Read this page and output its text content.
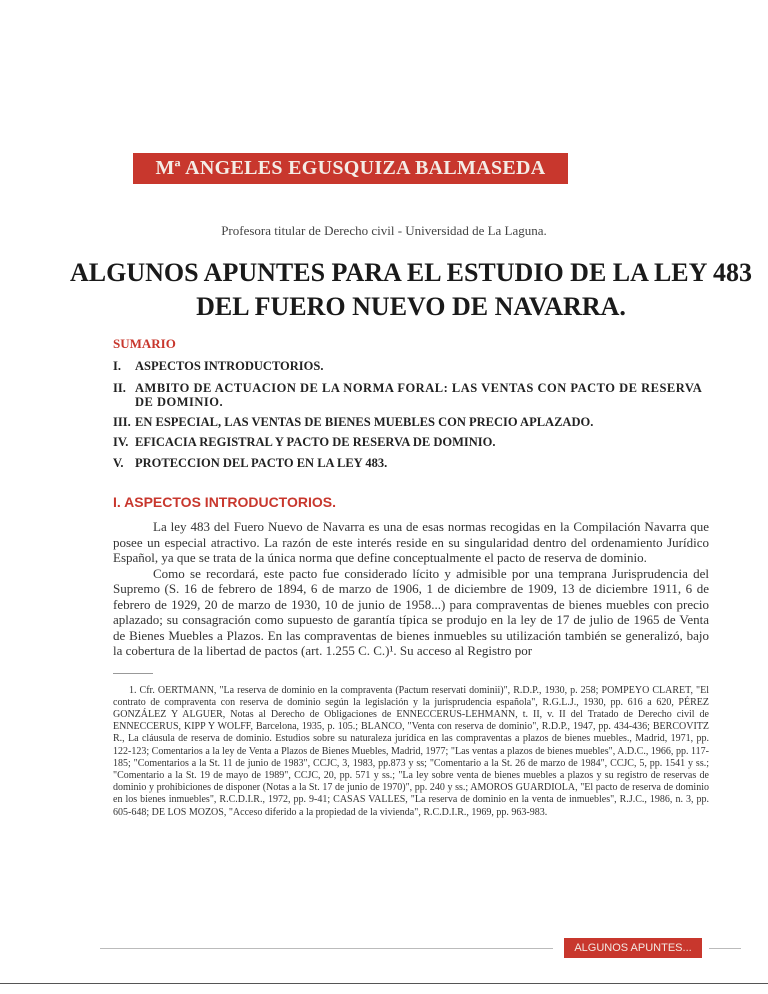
Mª ANGELES EGUSQUIZA BALMASEDA
Profesora titular de Derecho civil - Universidad de La Laguna.
ALGUNOS APUNTES PARA EL ESTUDIO DE LA LEY 483 DEL FUERO NUEVO DE NAVARRA.
SUMARIO
I.	ASPECTOS INTRODUCTORIOS.
II. AMBITO DE ACTUACION DE LA NORMA FORAL: LAS VENTAS CON PACTO DE RESERVA DE DOMINIO.
III. EN ESPECIAL, LAS VENTAS DE BIENES MUEBLES CON PRECIO APLAZADO.
IV. EFICACIA REGISTRAL Y PACTO DE RESERVA DE DOMINIO.
V. PROTECCION DEL PACTO EN LA LEY 483.
I. ASPECTOS INTRODUCTORIOS.

La ley 483 del Fuero Nuevo de Navarra es una de esas normas recogidas en la Compilación Navarra que posee un especial atractivo. La razón de este interés reside en su singularidad dentro del ordenamiento Jurídico Español, ya que se trata de la única norma que define conceptualmente el pacto de reserva de dominio.

Como se recordará, este pacto fue considerado lícito y admisible por una temprana Jurisprudencia del Supremo (S. 16 de febrero de 1894, 6 de marzo de 1906, 1 de diciembre de 1909, 13 de diciembre 1911, 6 de febrero de 1929, 20 de marzo de 1930, 10 de junio de 1958...) para compraventas de bienes muebles con precio aplazado; su consagración como supuesto de garantía típica se produjo en la ley de 17 de julio de 1965 de Venta de Bienes Muebles a Plazos. En las compraventas de bienes inmuebles su utilización también se generalizó, bajo la cobertura de la libertad de pactos (art. 1.255 C. C.)¹. Su acceso al Registro por

1. Cfr. OERTMANN, "La reserva de dominio en la compraventa (Pactum reservati dominii)", R.D.P., 1930, p. 258; POMPEYO CLARET, "El contrato de compraventa con reserva de dominio según la legislación y la jurisprudencia española", R.G.L.J., 1930, pp. 616 a 620, PÉREZ GONZÁLEZ Y ALGUER, Notas al Derecho de Obligaciones de ENNECCERUS-LEHMANN, t. II, v. II del Tratado de Derecho civil de ENNECCERUS, KIPP Y WOLFF, Barcelona, 1935, p. 105.; BLANCO, "Venta con reserva de dominio", R.D.P., 1947, pp. 434-436; BERCOVITZ R., La cláusula de reserva de dominio. Estudios sobre su naturaleza jurídica en las compraventas a plazos de bienes muebles., Madrid, 1971, pp. 122-123; Comentarios a la ley de Venta a Plazos de Bienes Muebles, Madrid, 1977; "Las ventas a plazos de bienes muebles", A.D.C., 1966, pp. 117-185; "Comentarios a la St. 11 de junio de 1983", CCJC, 3, 1983, pp.873 y ss; "Comentario a la St. 26 de marzo de 1984", CCJC, 5, pp. 1541 y ss.; "Comentario a la St. 19 de mayo de 1989", CCJC, 20, pp. 571 y ss.; "La ley sobre venta de bienes muebles a plazos y su registro de reservas de dominio y prohibiciones de disponer (Notas a la St. 17 de junio de 1970)", pp. 240 y ss.; AMOROS GUARDIOLA, "El pacto de reserva de dominio en los bienes inmuebles", R.C.D.I.R., 1972, pp. 9-41; CASAS VALLES, "La reserva de dominio en la venta de inmuebles", R.J.C., 1986, n. 3, pp. 605-648; DE LOS MOZOS, "Acceso diferido a la propiedad de la vivienda", R.C.D.I.R., 1969, pp. 963-983.

ALGUNOS APUNTES...
